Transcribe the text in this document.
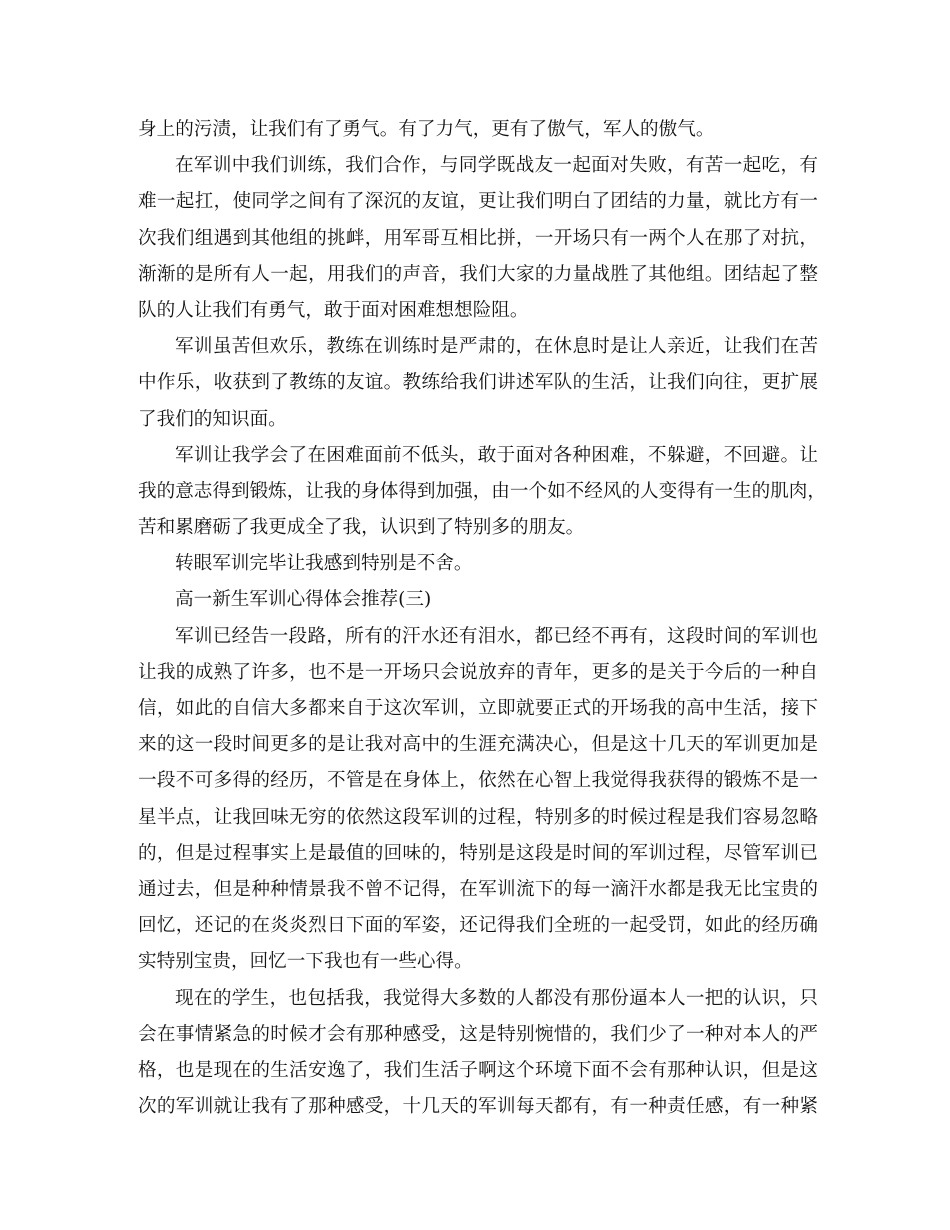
身上的污渍，让我们有了勇气。有了力气，更有了傲气，军人的傲气。
在军训中我们训练，我们合作，与同学既战友一起面对失败，有苦一起吃，有
难一起扛，使同学之间有了深沉的友谊，更让我们明白了团结的力量，就比方有一
次我们组遇到其他组的挑衅，用军哥互相比拼，一开场只有一两个人在那了对抗，
渐渐的是所有人一起，用我们的声音，我们大家的力量战胜了其他组。团结起了整
队的人让我们有勇气，敢于面对困难想想险阻。
军训虽苦但欢乐，教练在训练时是严肃的，在休息时是让人亲近，让我们在苦
中作乐，收获到了教练的友谊。教练给我们讲述军队的生活，让我们向往，更扩展
了我们的知识面。
军训让我学会了在困难面前不低头，敢于面对各种困难，不躲避，不回避。让
我的意志得到锻炼，让我的身体得到加强，由一个如不经风的人变得有一生的肌肉，
苦和累磨砺了我更成全了我，认识到了特别多的朋友。
转眼军训完毕让我感到特别是不舍。
高一新生军训心得体会推荐(三)
军训已经告一段路，所有的汗水还有泪水，都已经不再有，这段时间的军训也
让我的成熟了许多，也不是一开场只会说放弃的青年，更多的是关于今后的一种自
信，如此的自信大多都来自于这次军训，立即就要正式的开场我的高中生活，接下
来的这一段时间更多的是让我对高中的生涯充满决心，但是这十几天的军训更加是
一段不可多得的经历，不管是在身体上，依然在心智上我觉得我获得的锻炼不是一
星半点，让我回味无穷的依然这段军训的过程，特别多的时候过程是我们容易忽略
的，但是过程事实上是最值的回味的，特别是这段是时间的军训过程，尽管军训已
通过去，但是种种情景我不曾不记得，在军训流下的每一滴汗水都是我无比宝贵的
回忆，还记的在炎炎烈日下面的军姿，还记得我们全班的一起受罚，如此的经历确
实特别宝贵，回忆一下我也有一些心得。
现在的学生，也包括我，我觉得大多数的人都没有那份逼本人一把的认识，只
会在事情紧急的时候才会有那种感受，这是特别惋惜的，我们少了一种对本人的严
格，也是现在的生活安逸了，我们生活子啊这个环境下面不会有那种认识，但是这
次的军训就让我有了那种感受，十几天的军训每天都有，有一种责任感，有一种紧
